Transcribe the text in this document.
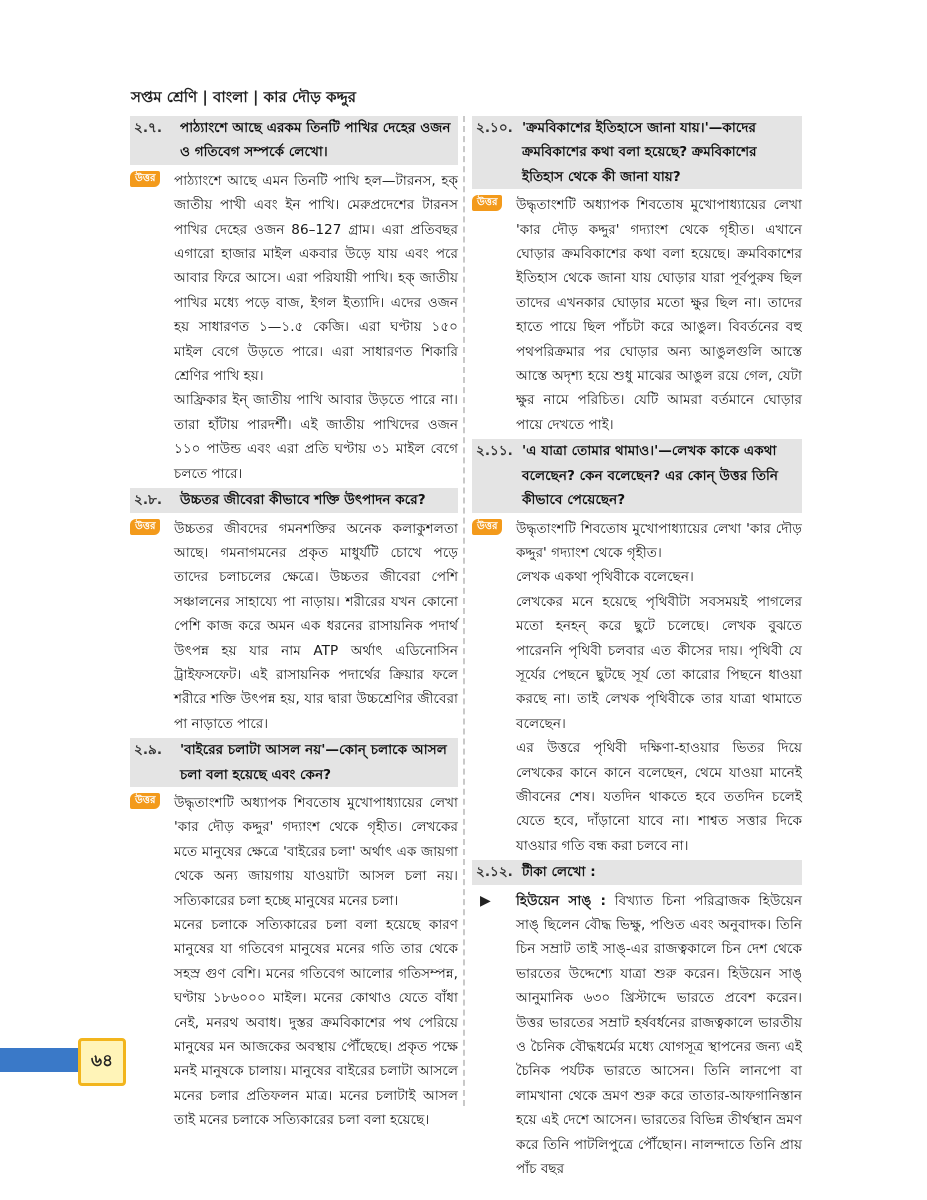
সপ্তম শ্রেণি | বাংলা | কার দৌড় কদ্দুর
২.৭.	পাঠ্যাংশে আছে এরকম তিনটি পাখির দেহের ওজন ও গতিবেগ সম্পর্কে লেখো।
উত্তর	পাঠ্যাংশে আছে এমন তিনটি পাখি হল—টারনস, হক্‌ জাতীয় পাখী এবং ইন পাখি। মেরুপ্রদেশের টারনস পাখির দেহের ওজন 86–127 গ্রাম। এরা প্রতিবছর এগারো হাজার মাইল একবার উড়ে যায় এবং পরে আবার ফিরে আসে। এরা পরিযায়ী পাখি। হক্‌ জাতীয় পাখির মধ্যে পড়ে বাজ, ইগল ইত্যাদি। এদের ওজন হয় সাধারণত ১—১.৫ কেজি। এরা ঘণ্টায় ১৫০ মাইল বেগে উড়তে পারে। এরা সাধারণত শিকারি শ্রেণির পাখি হয়।
আফ্রিকার ইন্‌ জাতীয় পাখি আবার উড়তে পারে না। তারা হাঁটায় পারদর্শী। এই জাতীয় পাখিদের ওজন ১১০ পাউন্ড এবং এরা প্রতি ঘণ্টায় ৩১ মাইল বেগে চলতে পারে।
২.৮.	উচ্চতর জীবেরা কীভাবে শক্তি উৎপাদন করে?
উত্তর	উচ্চতর জীবদের গমনশক্তির অনেক কলাকুশলতা আছে। গমনাগমনের প্রকৃত মাধুর্যটি চোখে পড়ে তাদের চলাচলের ক্ষেত্রে। উচ্চতর জীবেরা পেশি সঞ্চালনের সাহায্যে পা নাড়ায়। শরীরের যখন কোনো পেশি কাজ করে অমন এক ধরনের রাসায়নিক পদার্থ উৎপন্ন হয় যার নাম ATP অর্থাৎ এডিনোসিন ট্রাইফসফেট। এই রাসায়নিক পদার্থের ক্রিয়ার ফলে শরীরে শক্তি উৎপন্ন হয়, যার দ্বারা উচ্চশ্রেণির জীবেরা পা নাড়াতে পারে।
২.৯.	'বাইরের চলাটা আসল নয়'—কোন্‌ চলাকে আসল চলা বলা হয়েছে এবং কেন?
উত্তর	উদ্ধৃতাংশটি অধ্যাপক শিবতোষ মুখোপাধ্যায়ের লেখা 'কার দৌড় কদ্দুর' গদ্যাংশ থেকে গৃহীত। লেখকের মতে মানুষের ক্ষেত্রে 'বাইরের চলা' অর্থাৎ এক জায়গা থেকে অন্য জায়গায় যাওয়াটা আসল চলা নয়। সত্যিকারের চলা হচ্ছে মানুষের মনের চলা।
মনের চলাকে সত্যিকারের চলা বলা হয়েছে কারণ মানুষের যা গতিবেগ মানুষের মনের গতি তার থেকে সহস্র গুণ বেশি। মনের গতিবেগ আলোর গতিসম্পন্ন, ঘণ্টায় ১৮৬০০০ মাইল। মনের কোথাও যেতে বাঁধা নেই, মনরথ অবাধ। দুস্তর ক্রমবিকাশের পথ পেরিয়ে মানুষের মন আজকের অবস্থায় পৌঁছেছে। প্রকৃত পক্ষে মনই মানুষকে চালায়। মানুষের বাইরের চলাটা আসলে মনের চলার প্রতিফলন মাত্র। মনের চলাটাই আসল তাই মনের চলাকে সত্যিকারের চলা বলা হয়েছে।
২.১০. 'ক্রমবিকাশের ইতিহাসে জানা যায়।'—কাদের ক্রমবিকাশের কথা বলা হয়েছে? ক্রমবিকাশের ইতিহাস থেকে কী জানা যায়?
উত্তর	উদ্ধৃতাংশটি অধ্যাপক শিবতোষ মুখোপাধ্যায়ের লেখা 'কার দৌড় কদ্দুর' গদ্যাংশ থেকে গৃহীত। এখানে ঘোড়ার ক্রমবিকাশের কথা বলা হয়েছে। ক্রমবিকাশের ইতিহাস থেকে জানা যায় ঘোড়ার যারা পূর্বপুরুষ ছিল তাদের এখনকার ঘোড়ার মতো ক্ষুর ছিল না। তাদের হাতে পায়ে ছিল পাঁচটা করে আঙুল। বিবর্তনের বহু পথপরিক্রমার পর ঘোড়ার অন্য আঙুলগুলি আস্তে আস্তে অদৃশ্য হয়ে শুধু মাঝের আঙুল রয়ে গেল, যেটা ক্ষুর নামে পরিচিত। যেটি আমরা বর্তমানে ঘোড়ার পায়ে দেখতে পাই।
২.১১. 'এ যাত্রা তোমার থামাও।'—লেখক কাকে একথা বলেছেন? কেন বলেছেন? এর কোন্‌ উত্তর তিনি কীভাবে পেয়েছেন?
উত্তর	উদ্ধৃতাংশটি শিবতোষ মুখোপাধ্যায়ের লেখা 'কার দৌড় কদ্দুর' গদ্যাংশ থেকে গৃহীত।
লেখক একথা পৃথিবীকে বলেছেন।
লেখকের মনে হয়েছে পৃথিবীটা সবসময়ই পাগলের মতো হনহন্‌ করে ছুটে চলেছে। লেখক বুঝতে পারেননি পৃথিবী চলবার এত কীসের দায়। পৃথিবী যে সূর্যের পেছনে ছুটছে সূর্য তো কারোর পিছনে ধাওয়া করছে না। তাই লেখক পৃথিবীকে তার যাত্রা থামাতে বলেছেন।
এর উত্তরে পৃথিবী দক্ষিণা-হাওয়ার ভিতর দিয়ে লেখকের কানে কানে বলেছেন, থেমে যাওয়া মানেই জীবনের শেষ। যতদিন থাকতে হবে ততদিন চলেই যেতে হবে, দাঁড়ানো যাবে না। শাশ্বত সত্তার দিকে যাওয়ার গতি বন্ধ করা চলবে না।
২.১২. টীকা লেখো :
▶ হিউয়েন সাঙ্‌ : বিখ্যাত চিনা পরিব্রাজক হিউয়েন সাঙ্‌ ছিলেন বৌদ্ধ ভিক্ষু, পণ্ডিত এবং অনুবাদক। তিনি চিন সম্রাট তাই সাঙ্‌-এর রাজত্বকালে চিন দেশ থেকে ভারতের উদ্দেশ্যে যাত্রা শুরু করেন। হিউয়েন সাঙ্‌ আনুমানিক ৬৩০ খ্রিস্টাব্দে ভারতে প্রবেশ করেন। উত্তর ভারতের সম্রাট হর্ষবর্ধনের রাজত্বকালে ভারতীয় ও চৈনিক বৌদ্ধধর্মের মধ্যে যোগসূত্র স্থাপনের জন্য এই চৈনিক পর্যটক ভারতে আসেন। তিনি লানপো বা লামখানা থেকে ভ্রমণ শুরু করে তাতার-আফগানিস্তান হয়ে এই দেশে আসেন। ভারতের বিভিন্ন তীর্থস্থান ভ্রমণ করে তিনি পাটলিপুত্রে পৌঁছোন। নালন্দাতে তিনি প্রায় পাঁচ বছর
৬৪
